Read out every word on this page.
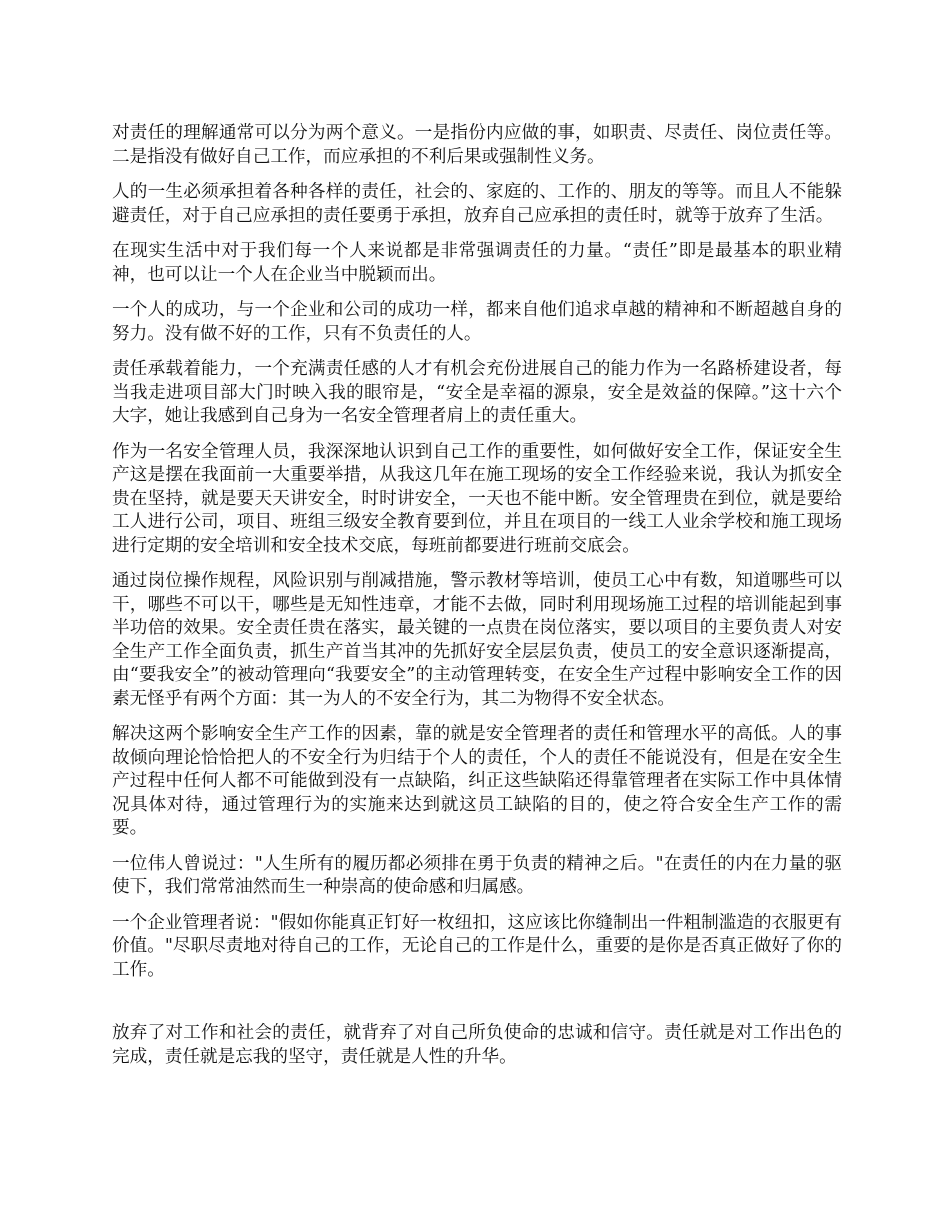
对责任的理解通常可以分为两个意义。一是指份内应做的事，如职责、尽责任、岗位责任等。二是指没有做好自己工作，而应承担的不利后果或强制性义务。

人的一生必须承担着各种各样的责任，社会的、家庭的、工作的、朋友的等等。而且人不能躲避责任，对于自己应承担的责任要勇于承担，放弃自己应承担的责任时，就等于放弃了生活。

在现实生活中对于我们每一个人来说都是非常强调责任的力量。“责任”即是最基本的职业精神，也可以让一个人在企业当中脱颖而出。

一个人的成功，与一个企业和公司的成功一样，都来自他们追求卓越的精神和不断超越自身的努力。没有做不好的工作，只有不负责任的人。

责任承载着能力，一个充满责任感的人才有机会充份进展自己的能力作为一名路桥建设者，每当我走进项目部大门时映入我的眼帘是，“安全是幸福的源泉，安全是效益的保障。”这十六个大字，她让我感到自己身为一名安全管理者肩上的责任重大。

作为一名安全管理人员，我深深地认识到自己工作的重要性，如何做好安全工作，保证安全生产这是摆在我面前一大重要举措，从我这几年在施工现场的安全工作经验来说，我认为抓安全贵在坚持，就是要天天讲安全，时时讲安全，一天也不能中断。安全管理贵在到位，就是要给工人进行公司，项目、班组三级安全教育要到位，并且在项目的一线工人业余学校和施工现场进行定期的安全培训和安全技术交底，每班前都要进行班前交底会。

通过岗位操作规程，风险识别与削减措施，警示教材等培训，使员工心中有数，知道哪些可以干，哪些不可以干，哪些是无知性违章，才能不去做，同时利用现场施工过程的培训能起到事半功倍的效果。安全责任贵在落实，最关键的一点贵在岗位落实，要以项目的主要负责人对安全生产工作全面负责，抓生产首当其冲的先抓好安全层层负责，使员工的安全意识逐渐提高，由“要我安全”的被动管理向“我要安全”的主动管理转变，在安全生产过程中影响安全工作的因素无怪乎有两个方面：其一为人的不安全行为，其二为物得不安全状态。

解决这两个影响安全生产工作的因素，靠的就是安全管理者的责任和管理水平的高低。人的事故倾向理论恰恰把人的不安全行为归结于个人的责任，个人的责任不能说没有，但是在安全生产过程中任何人都不可能做到没有一点缺陷，纠正这些缺陷还得靠管理者在实际工作中具体情况具体对待，通过管理行为的实施来达到就这员工缺陷的目的，使之符合安全生产工作的需要。

一位伟人曾说过："人生所有的履历都必须排在勇于负责的精神之后。"在责任的内在力量的驱使下，我们常常油然而生一种崇高的使命感和归属感。

一个企业管理者说："假如你能真正钉好一枚纽扣，这应该比你缝制出一件粗制滥造的衣服更有价值。"尽职尽责地对待自己的工作，无论自己的工作是什么，重要的是你是否真正做好了你的工作。

放弃了对工作和社会的责任，就背弃了对自己所负使命的忠诚和信守。责任就是对工作出色的完成，责任就是忘我的坚守，责任就是人性的升华。
